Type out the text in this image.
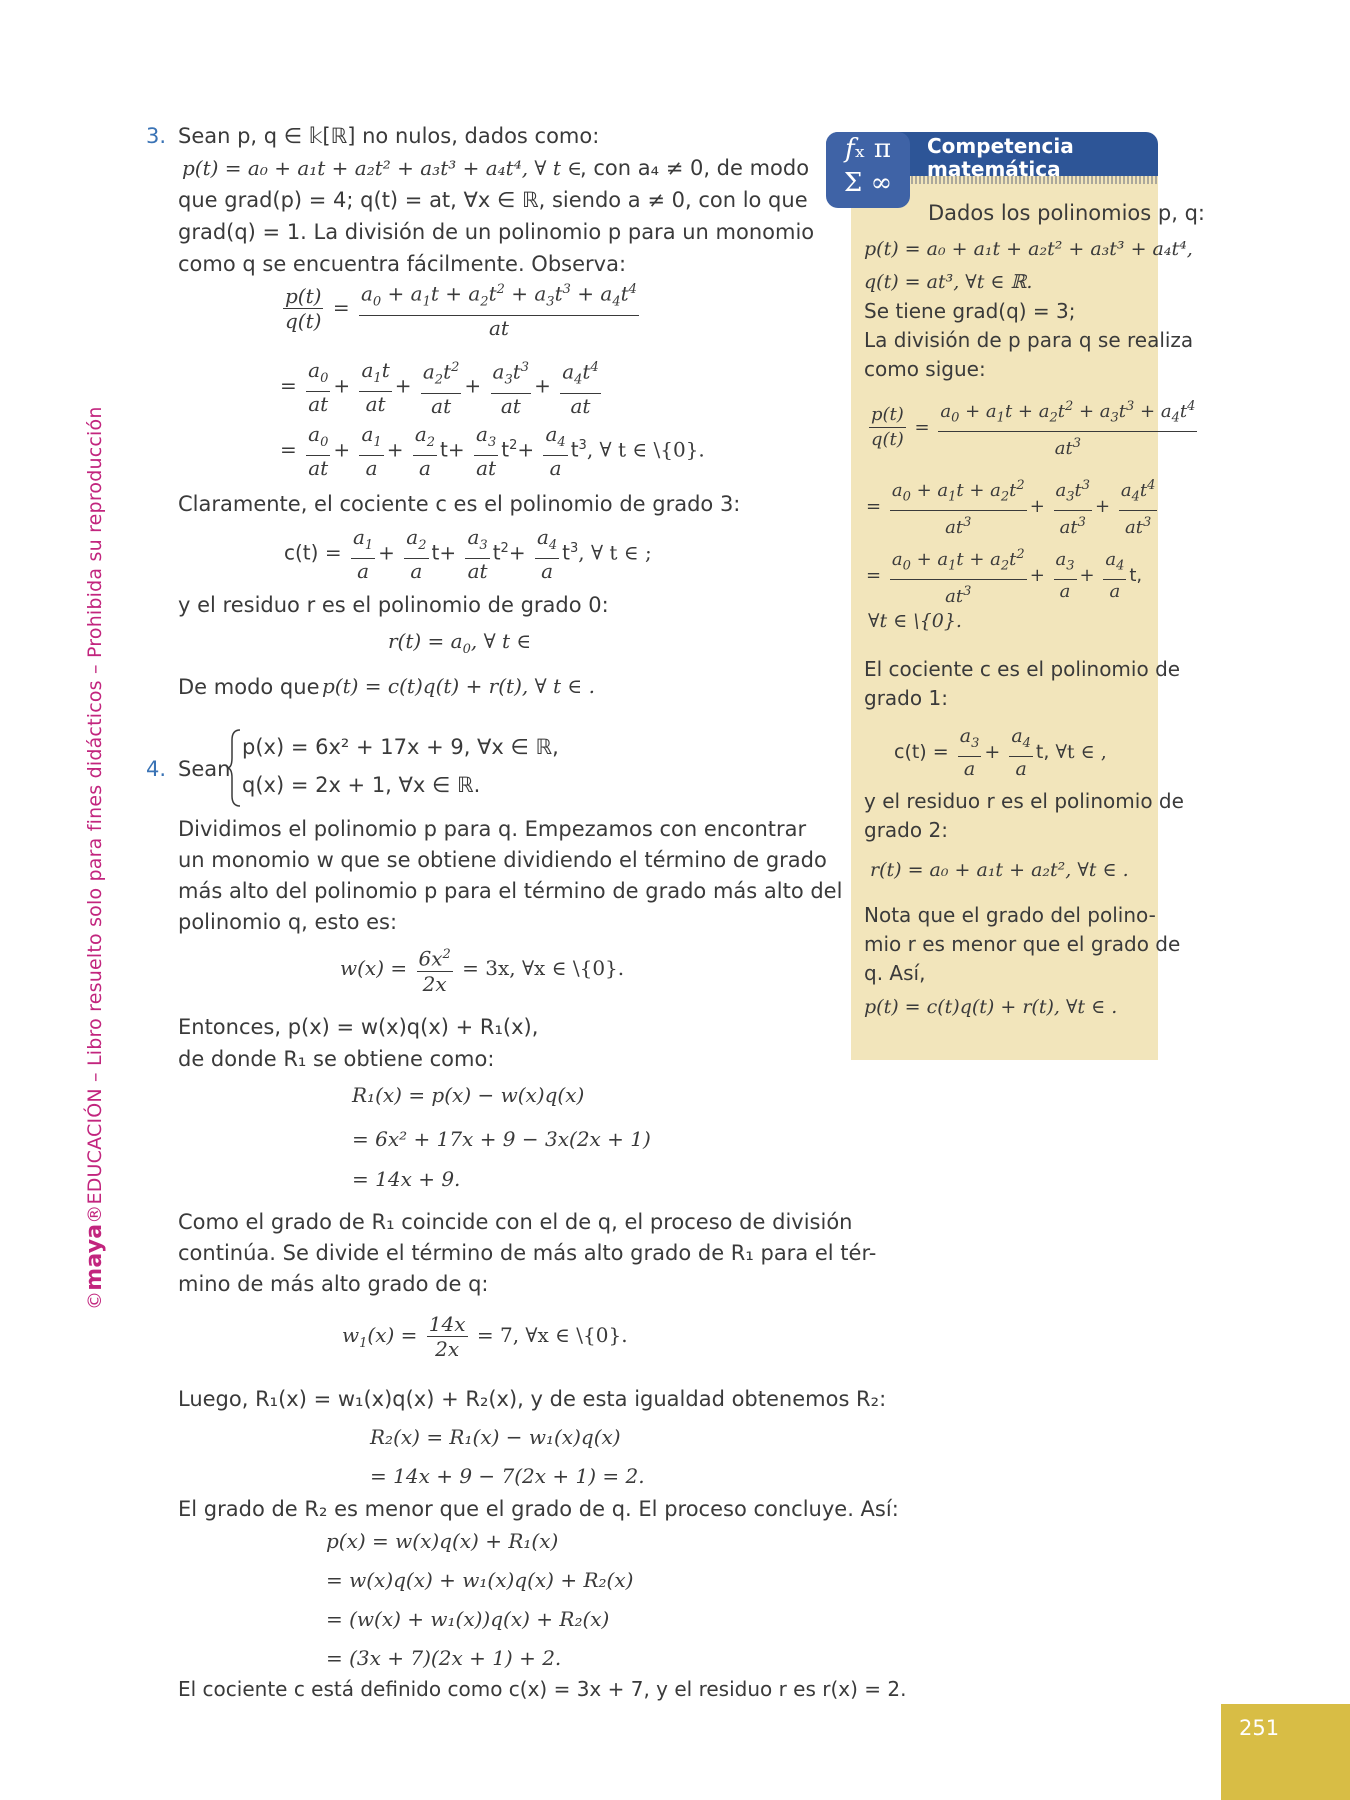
©maya®EDUCACIÓN – Libro resuelto solo para fines didácticos – Prohibida su reproducción
3. Sean p, q ∈ 𝕜[ℝ] no nulos, dados como:
p(t) = a₀ + a₁t + a₂t² + a₃t³ + a₄t⁴, ∀ t ∈
, con a₄ ≠ 0, de modo
que grad(p) = 4; q(t) = at, ∀x ∈ ℝ, siendo a ≠ 0, con lo que
grad(q) = 1. La división de un polinomio p para un monomio
como q se encuentra fácilmente. Observa:
$\frac{p(t)}{q(t)} = \frac{a_0 + a_1t + a_2t^2 + a_3t^3 + a_4t^4}{at}$
= $\frac{a_0}{at} + \frac{a_1t}{at} + \frac{a_2t^2}{at} + \frac{a_3t^3}{at} + \frac{a_4t^4}{at}$
= $\frac{a_0}{at} + \frac{a_1}{a} + \frac{a_2}{a} t+ \frac{a_3}{at} t^2+ \frac{a_4}{a} t^3$, ∀ t ∈ \{0}.
Claramente, el cociente c es el polinomio de grado 3:
$c(t) = \frac{a_1}{a} + \frac{a_2}{a} t+ \frac{a_3}{at} t^2+ \frac{a_4}{a} t^3$, ∀ t ∈ ;
y el residuo r es el polinomio de grado 0:
$r(t) = a_0$, ∀ t ∈
De modo que p(t) = c(t)q(t) + r(t), ∀ t ∈ .
4. Sean
p(x) = 6x² + 17x + 9, ∀x ∈ ℝ,
q(x) = 2x + 1, ∀x ∈ ℝ.
Dividimos el polinomio p para q. Empezamos con encontrar
un monomio w que se obtiene dividiendo el término de grado
más alto del polinomio p para el término de grado más alto del
polinomio q, esto es:
$w(x) = \frac{6x^2}{2x} = 3x$, ∀x ∈ \{0}.
Entonces, p(x) = w(x)q(x) + R₁(x),
de donde R₁ se obtiene como:
R₁(x) = p(x) − w(x)q(x)
= 6x² + 17x + 9 − 3x(2x + 1)
= 14x + 9.
Como el grado de R₁ coincide con el de q, el proceso de división
continúa. Se divide el término de más alto grado de R₁ para el tér-
mino de más alto grado de q:
$w_1(x) = \frac{14x}{2x} = 7$, ∀x ∈ \{0}.
Luego, R₁(x) = w₁(x)q(x) + R₂(x), y de esta igualdad obtenemos R₂:
R₂(x) = R₁(x) − w₁(x)q(x)
= 14x + 9 − 7(2x + 1) = 2.
El grado de R₂ es menor que el grado de q. El proceso concluye. Así:
p(x) = w(x)q(x) + R₁(x)
= w(x)q(x) + w₁(x)q(x) + R₂(x)
= (w(x) + w₁(x))q(x) + R₂(x)
= (3x + 7)(2x + 1) + 2.
El cociente c está definido como c(x) = 3x + 7, y el residuo r es r(x) = 2.
𝑓ₓ π
Σ ∞
Competencia
matemática
Dados los polinomios p, q:
p(t) = a₀ + a₁t + a₂t² + a₃t³ + a₄t⁴,
q(t) = at³, ∀t ∈ ℝ.
Se tiene grad(q) = 3;
La división de p para q se realiza
como sigue:
$\frac{p(t)}{q(t)} = \frac{a_0 + a_1t + a_2t^2 + a_3t^3 + a_4t^4}{at^3}$
= $\frac{a_0 + a_1t + a_2t^2}{at^3} + \frac{a_3t^3}{at^3} + \frac{a_4t^4}{at^3}$
= $\frac{a_0 + a_1t + a_2t^2}{at^3} + \frac{a_3}{a} + \frac{a_4}{a} t$,
∀t ∈ \{0}.
El cociente c es el polinomio de
grado 1:
$c(t) = \frac{a_3}{a} + \frac{a_4}{a} t$, ∀t ∈ ,
y el residuo r es el polinomio de
grado 2:
r(t) = a₀ + a₁t + a₂t², ∀t ∈ .
Nota que el grado del polino-
mio r es menor que el grado de
q. Así,
p(t) = c(t)q(t) + r(t), ∀t ∈ .
251
